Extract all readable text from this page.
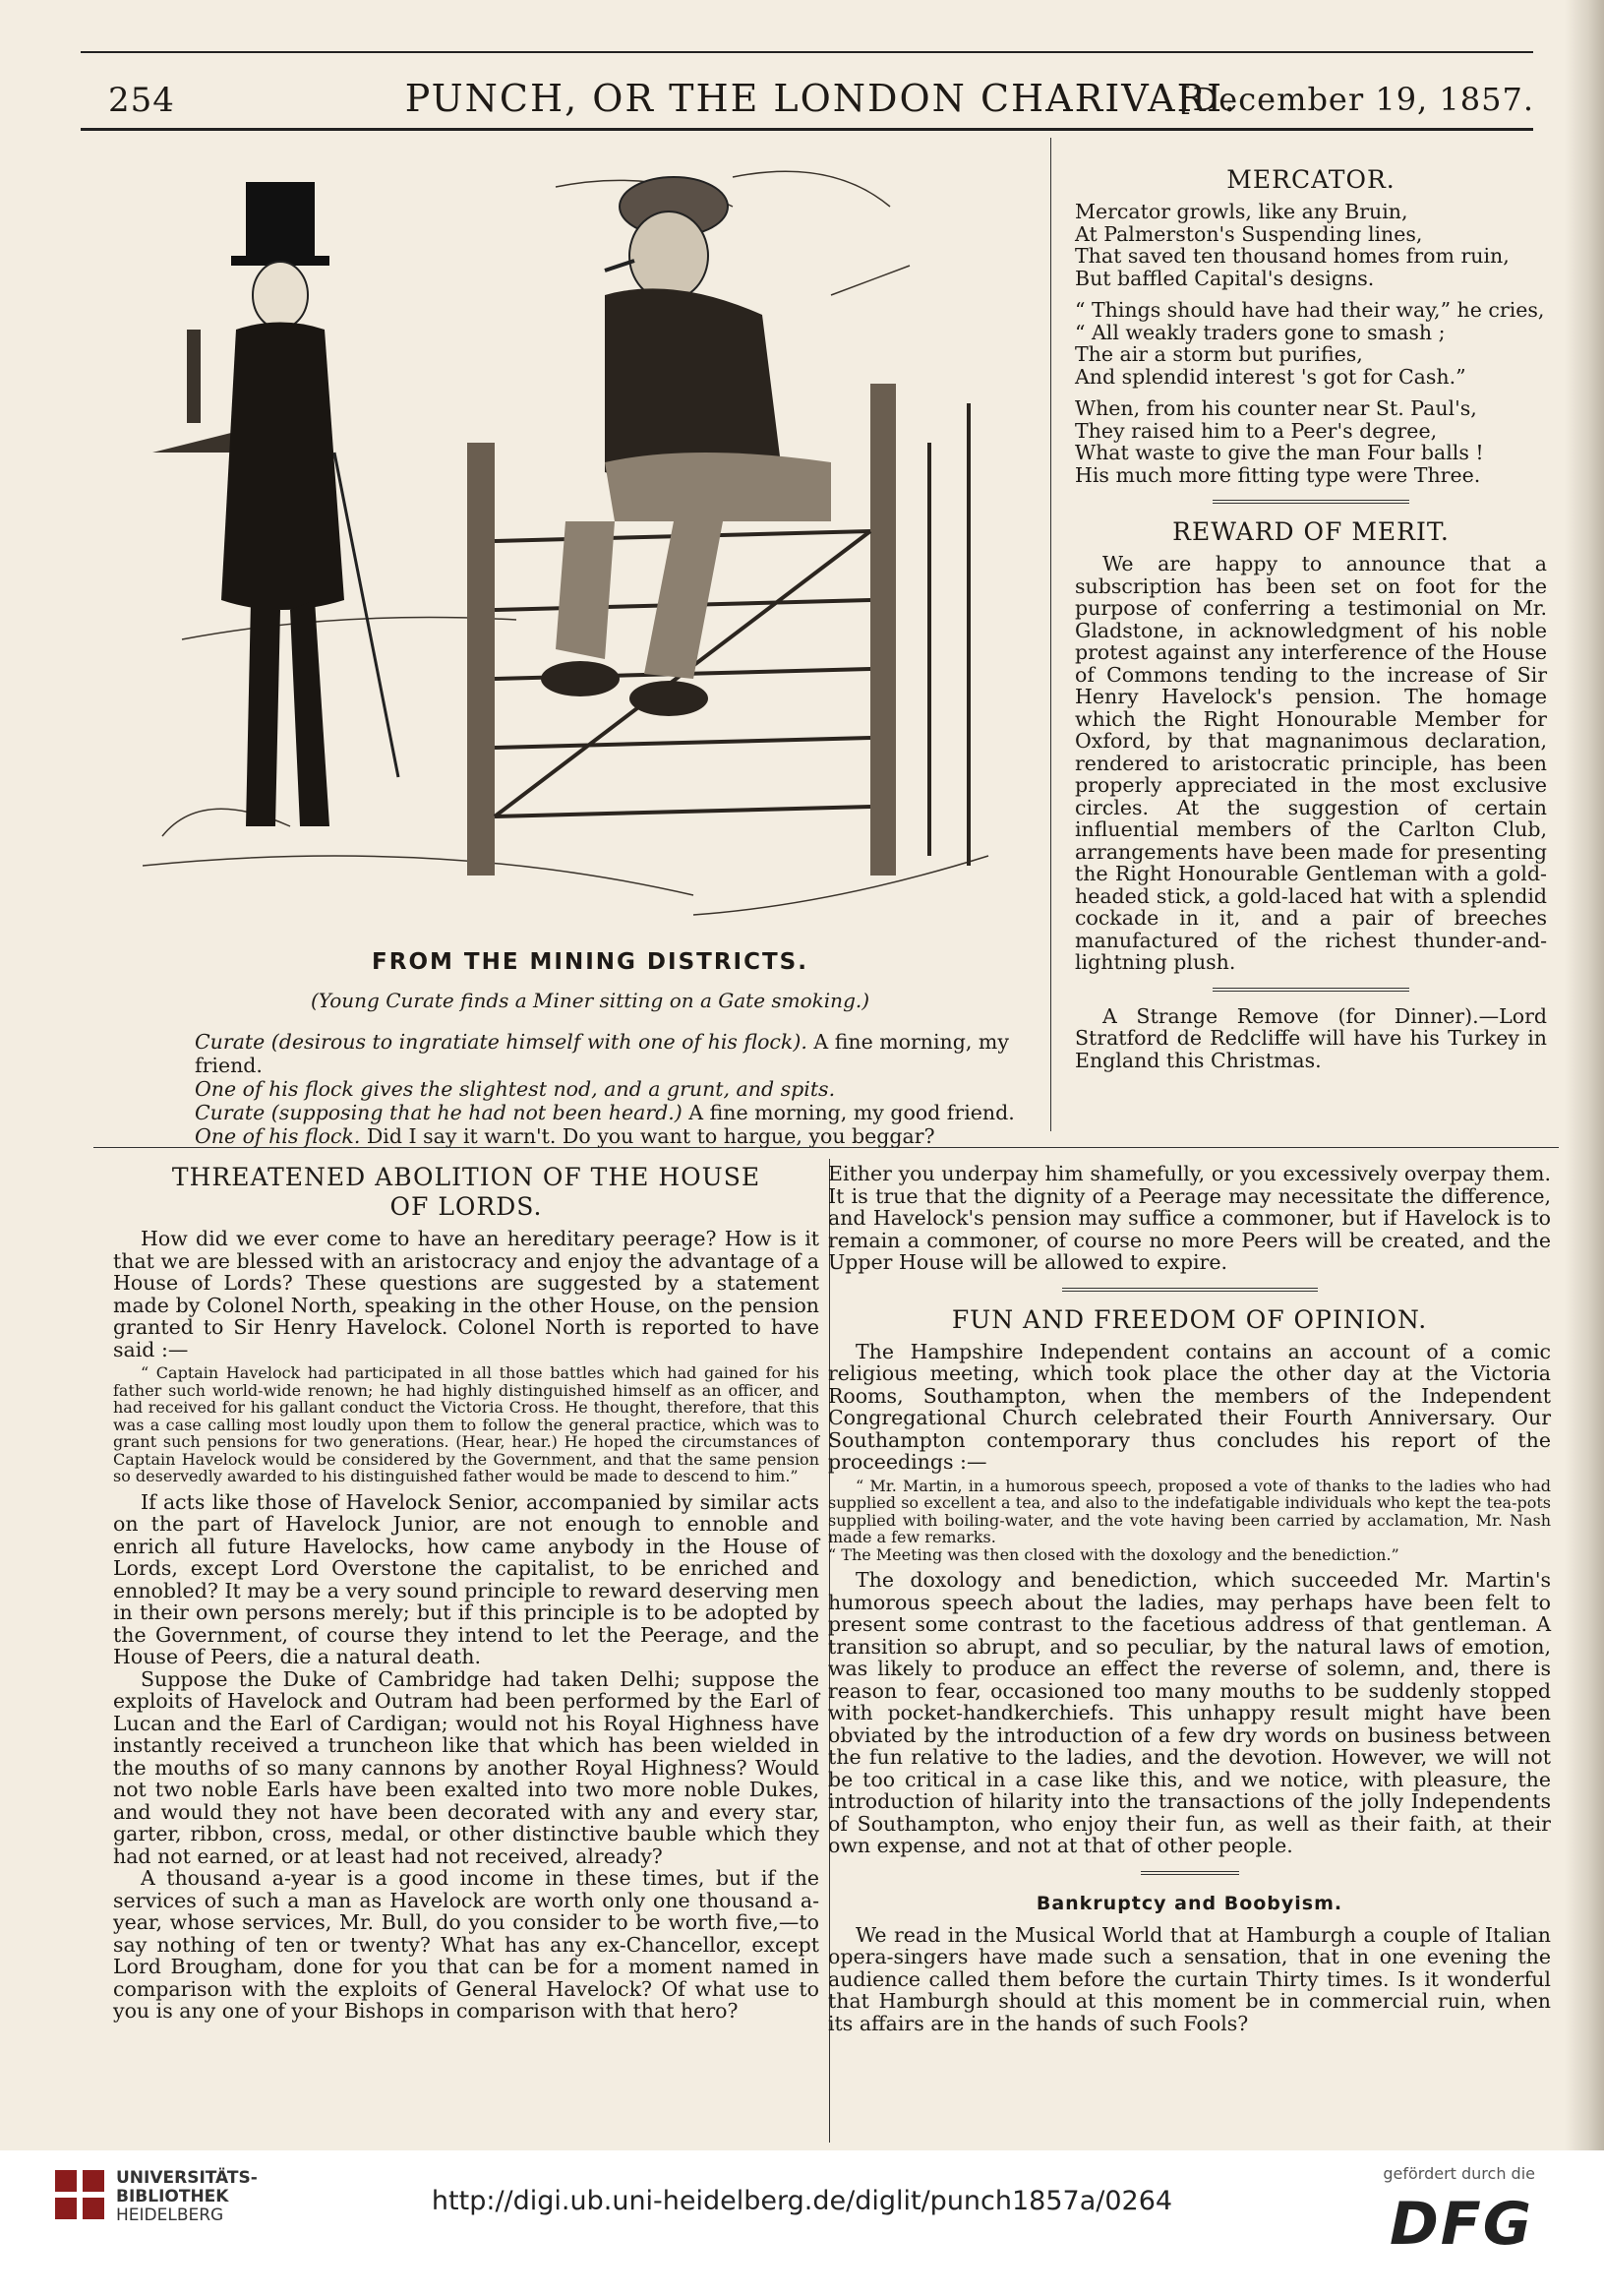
254	PUNCH, OR THE LONDON CHARIVARI.
[December 19, 1857.
FROM THE MINING DISTRICTS.
(Young Curate finds a Miner sitting on a Gate smoking.)
Curate (desirous to ingratiate himself with one of his flock). A fine morning, my friend.
One of his flock gives the slightest nod, and a grunt, and spits.
Curate (supposing that he had not been heard.) A fine morning, my good friend.
One of his flock. Did I say it warn't. Do you want to hargue, you beggar?
MERCATOR.
Mercator growls, like any Bruin,
At Palmerston's Suspending lines,
That saved ten thousand homes from ruin,
But baffled Capital's designs.
“ Things should have had their way,” he cries,
“ All weakly traders gone to smash ;
The air a storm but purifies,
And splendid interest 's got for Cash.”
When, from his counter near St. Paul's,
They raised him to a Peer's degree,
What waste to give the man Four balls !
His much more fitting type were Three.
REWARD OF MERIT.

We are happy to announce that a subscription has been set on foot for the purpose of conferring a testimonial on Mr. Gladstone, in acknowledgment of his noble protest against any interference of the House of Commons tending to the increase of Sir Henry Havelock's pension. The homage which the Right Honourable Member for Oxford, by that magnanimous declaration, rendered to aristocratic principle, has been properly appreciated in the most exclusive circles. At the suggestion of certain influential members of the Carlton Club, arrangements have been made for presenting the Right Honourable Gentleman with a gold-headed stick, a gold-laced hat with a splendid cockade in it, and a pair of breeches manufactured of the richest thunder-and-lightning plush.

A Strange Remove (for Dinner).—Lord Stratford de Redcliffe will have his Turkey in England this Christmas.

THREATENED ABOLITION OF THE HOUSE
OF LORDS.

How did we ever come to have an hereditary peerage? How is it that we are blessed with an aristocracy and enjoy the advantage of a House of Lords? These questions are suggested by a statement made by Colonel North, speaking in the other House, on the pension granted to Sir Henry Havelock. Colonel North is reported to have said :—

“ Captain Havelock had participated in all those battles which had gained for his father such world-wide renown; he had highly distinguished himself as an officer, and had received for his gallant conduct the Victoria Cross. He thought, therefore, that this was a case calling most loudly upon them to follow the general practice, which was to grant such pensions for two generations. (Hear, hear.) He hoped the circumstances of Captain Havelock would be considered by the Government, and that the same pension so deservedly awarded to his distinguished father would be made to descend to him.”

If acts like those of Havelock Senior, accompanied by similar acts on the part of Havelock Junior, are not enough to ennoble and enrich all future Havelocks, how came anybody in the House of Lords, except Lord Overstone the capitalist, to be enriched and ennobled? It may be a very sound principle to reward deserving men in their own persons merely; but if this principle is to be adopted by the Government, of course they intend to let the Peerage, and the House of Peers, die a natural death.

Suppose the Duke of Cambridge had taken Delhi; suppose the exploits of Havelock and Outram had been performed by the Earl of Lucan and the Earl of Cardigan; would not his Royal Highness have instantly received a truncheon like that which has been wielded in the mouths of so many cannons by another Royal Highness? Would not two noble Earls have been exalted into two more noble Dukes, and would they not have been decorated with any and every star, garter, ribbon, cross, medal, or other distinctive bauble which they had not earned, or at least had not received, already?

A thousand a-year is a good income in these times, but if the services of such a man as Havelock are worth only one thousand a-year, whose services, Mr. Bull, do you consider to be worth five,—to say nothing of ten or twenty? What has any ex-Chancellor, except Lord Brougham, done for you that can be for a moment named in comparison with the exploits of General Havelock? Of what use to you is any one of your Bishops in comparison with that hero?

Either you underpay him shamefully, or you excessively overpay them. It is true that the dignity of a Peerage may necessitate the difference, and Havelock's pension may suffice a commoner, but if Havelock is to remain a commoner, of course no more Peers will be created, and the Upper House will be allowed to expire.

FUN AND FREEDOM OF OPINION.

The Hampshire Independent contains an account of a comic religious meeting, which took place the other day at the Victoria Rooms, Southampton, when the members of the Independent Congregational Church celebrated their Fourth Anniversary. Our Southampton contemporary thus concludes his report of the proceedings :—

“ Mr. Martin, in a humorous speech, proposed a vote of thanks to the ladies who had supplied so excellent a tea, and also to the indefatigable individuals who kept the tea-pots supplied with boiling-water, and the vote having been carried by acclamation, Mr. Nash made a few remarks.
“ The Meeting was then closed with the doxology and the benediction.”

The doxology and benediction, which succeeded Mr. Martin's humorous speech about the ladies, may perhaps have been felt to present some contrast to the facetious address of that gentleman. A transition so abrupt, and so peculiar, by the natural laws of emotion, was likely to produce an effect the reverse of solemn, and, there is reason to fear, occasioned too many mouths to be suddenly stopped with pocket-handkerchiefs. This unhappy result might have been obviated by the introduction of a few dry words on business between the fun relative to the ladies, and the devotion. However, we will not be too critical in a case like this, and we notice, with pleasure, the introduction of hilarity into the transactions of the jolly Independents of Southampton, who enjoy their fun, as well as their faith, at their own expense, and not at that of other people.

Bankruptcy and Boobyism.

We read in the Musical World that at Hamburgh a couple of Italian opera-singers have made such a sensation, that in one evening the audience called them before the curtain Thirty times. Is it wonderful that Hamburgh should at this moment be in commercial ruin, when its affairs are in the hands of such Fools?

UNIVERSITÄTS-
BIBLIOTHEK
HEIDELBERG	http://digi.ub.uni-heidelberg.de/diglit/punch1857a/0264
gefördert durch die
DFG
